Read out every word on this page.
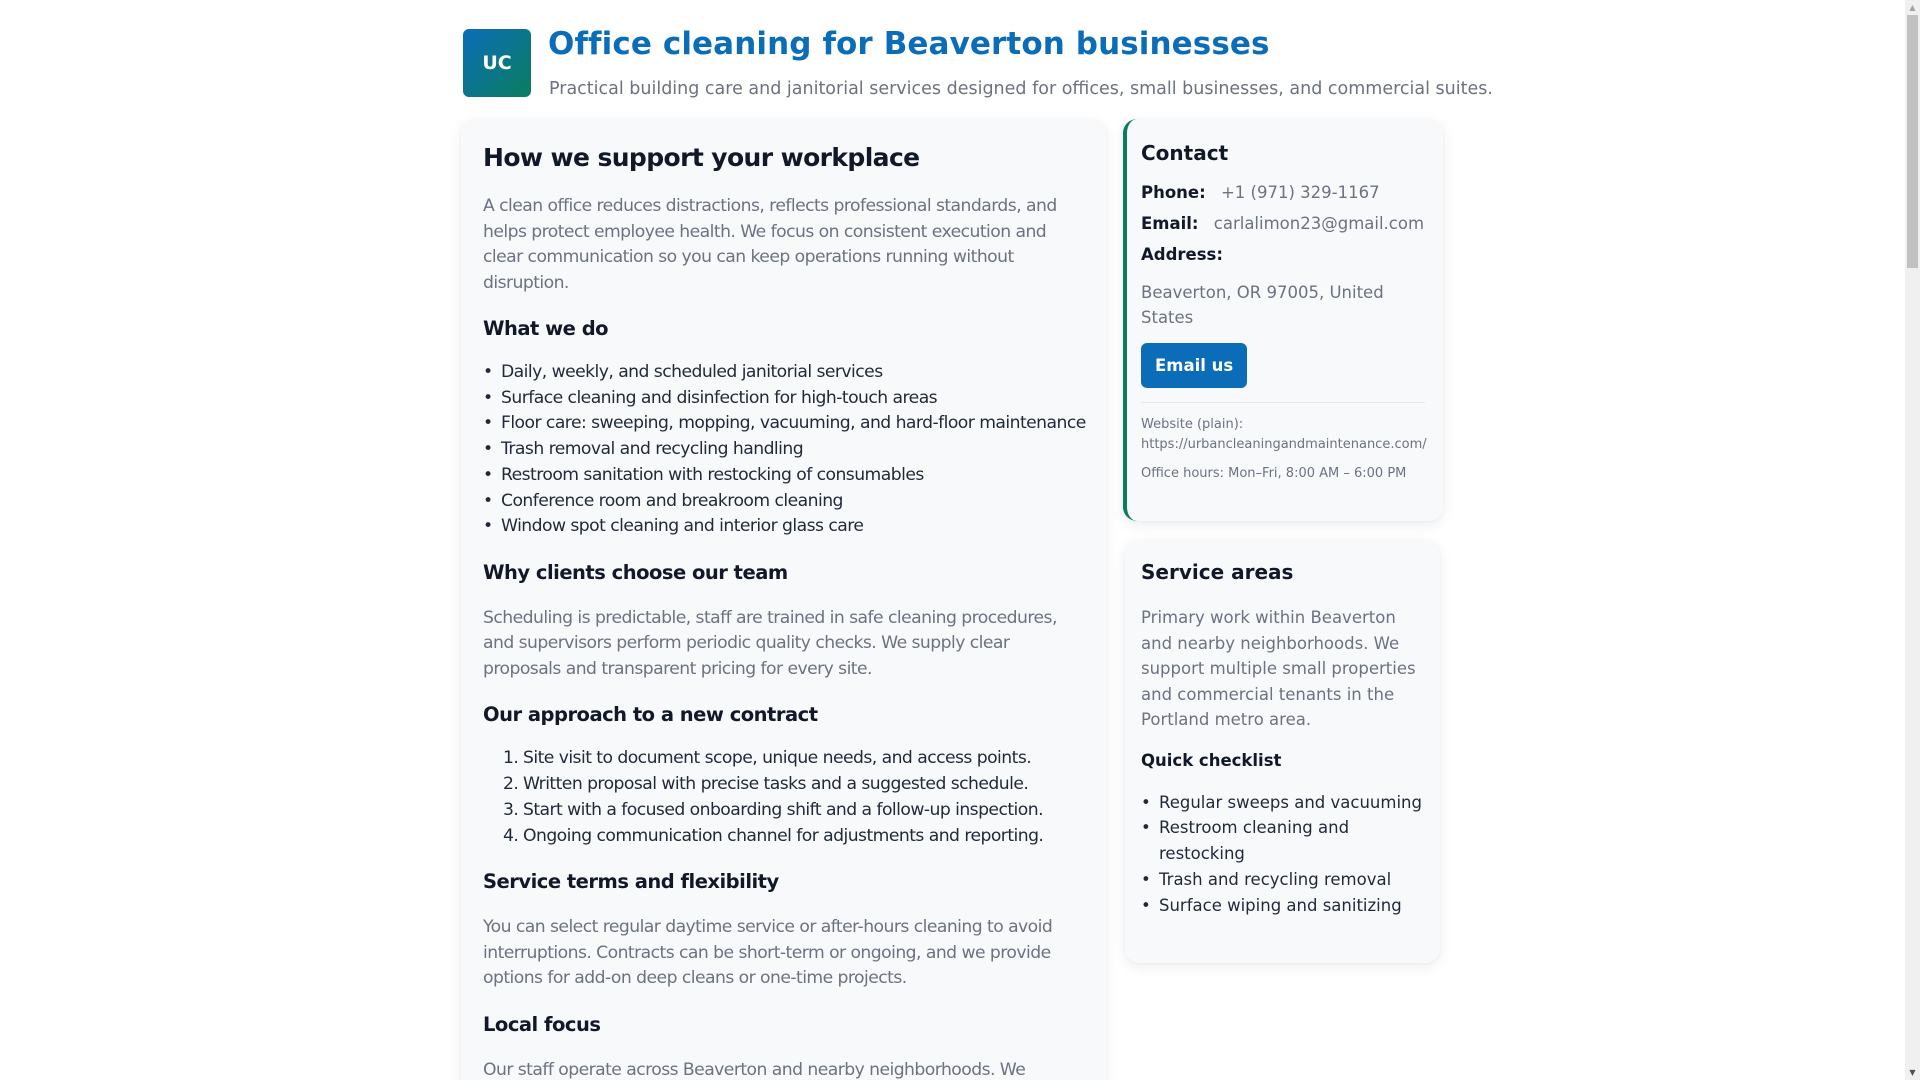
UC
Office cleaning for Beaverton businesses

Practical building care and janitorial services designed for offices, small businesses, and commercial suites.

How we support your workplace

A clean office reduces distractions, reflects professional standards, and helps protect employee health. We focus on consistent execution and clear communication so you can keep operations running without disruption.

What we do
• Daily, weekly, and scheduled janitorial services
• Surface cleaning and disinfection for high-touch areas
• Floor care: sweeping, mopping, vacuuming, and hard-floor maintenance
• Trash removal and recycling handling
• Restroom sanitation with restocking of consumables
• Conference room and breakroom cleaning
• Window spot cleaning and interior glass care
Why clients choose our team

Scheduling is predictable, staff are trained in safe cleaning procedures, and supervisors perform periodic quality checks. We supply clear proposals and transparent pricing for every site.

Our approach to a new contract
1. Site visit to document scope, unique needs, and access points.
2. Written proposal with precise tasks and a suggested schedule.
3. Start with a focused onboarding shift and a follow-up inspection.
4. Ongoing communication channel for adjustments and reporting.
Service terms and flexibility

You can select regular daytime service or after-hours cleaning to avoid interruptions. Contracts can be short-term or ongoing, and we provide options for add-on deep cleans or one-time projects.

Local focus

Our staff operate across Beaverton and nearby neighborhoods. We

Contact
Phone: +1 (971) 329-1167
Email: carlalimon23@gmail.com
Address:

Beaverton, OR 97005, United States

Email us
Website (plain):
https://urbancleaningandmaintenance.com/
Office hours: Mon–Fri, 8:00 AM – 6:00 PM
Service areas

Primary work within Beaverton and nearby neighborhoods. We support multiple small properties and commercial tenants in the Portland metro area.

Quick checklist
• Regular sweeps and vacuuming
• Restroom cleaning and restocking
• Trash and recycling removal
• Surface wiping and sanitizing
▲
▼
